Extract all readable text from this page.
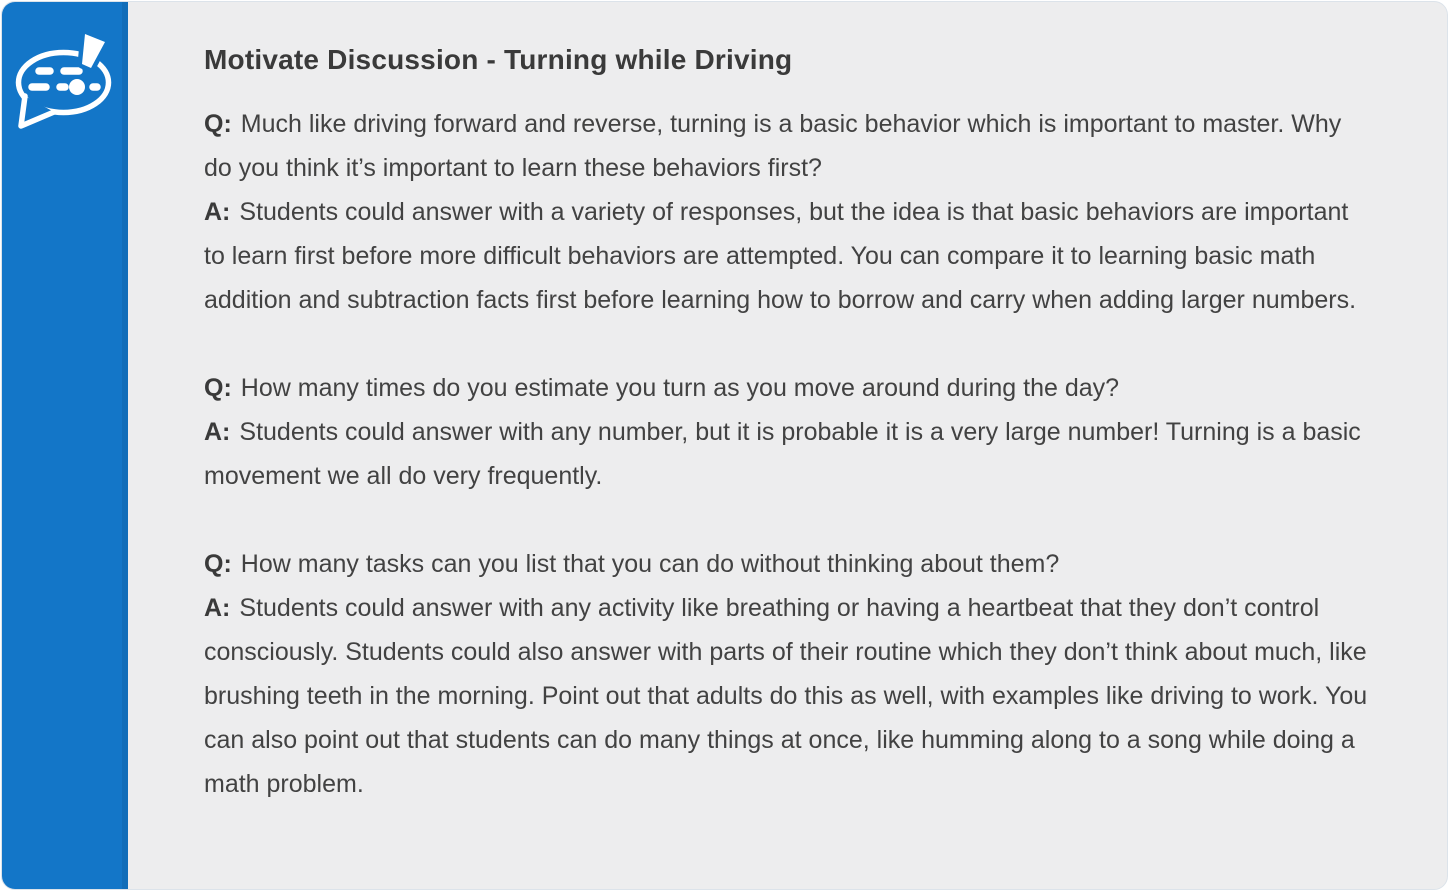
Motivate Discussion - Turning while Driving

Q: Much like driving forward and reverse, turning is a basic behavior which is important to master. Why do you think it’s important to learn these behaviors first?

A: Students could answer with a variety of responses, but the idea is that basic behaviors are important to learn first before more difficult behaviors are attempted. You can compare it to learning basic math addition and subtraction facts first before learning how to borrow and carry when adding larger numbers.

Q: How many times do you estimate you turn as you move around during the day?

A: Students could answer with any number, but it is probable it is a very large number! Turning is a basic movement we all do very frequently.

Q: How many tasks can you list that you can do without thinking about them?

A: Students could answer with any activity like breathing or having a heartbeat that they don’t control consciously. Students could also answer with parts of their routine which they don’t think about much, like brushing teeth in the morning. Point out that adults do this as well, with examples like driving to work. You can also point out that students can do many things at once, like humming along to a song while doing a math problem.
